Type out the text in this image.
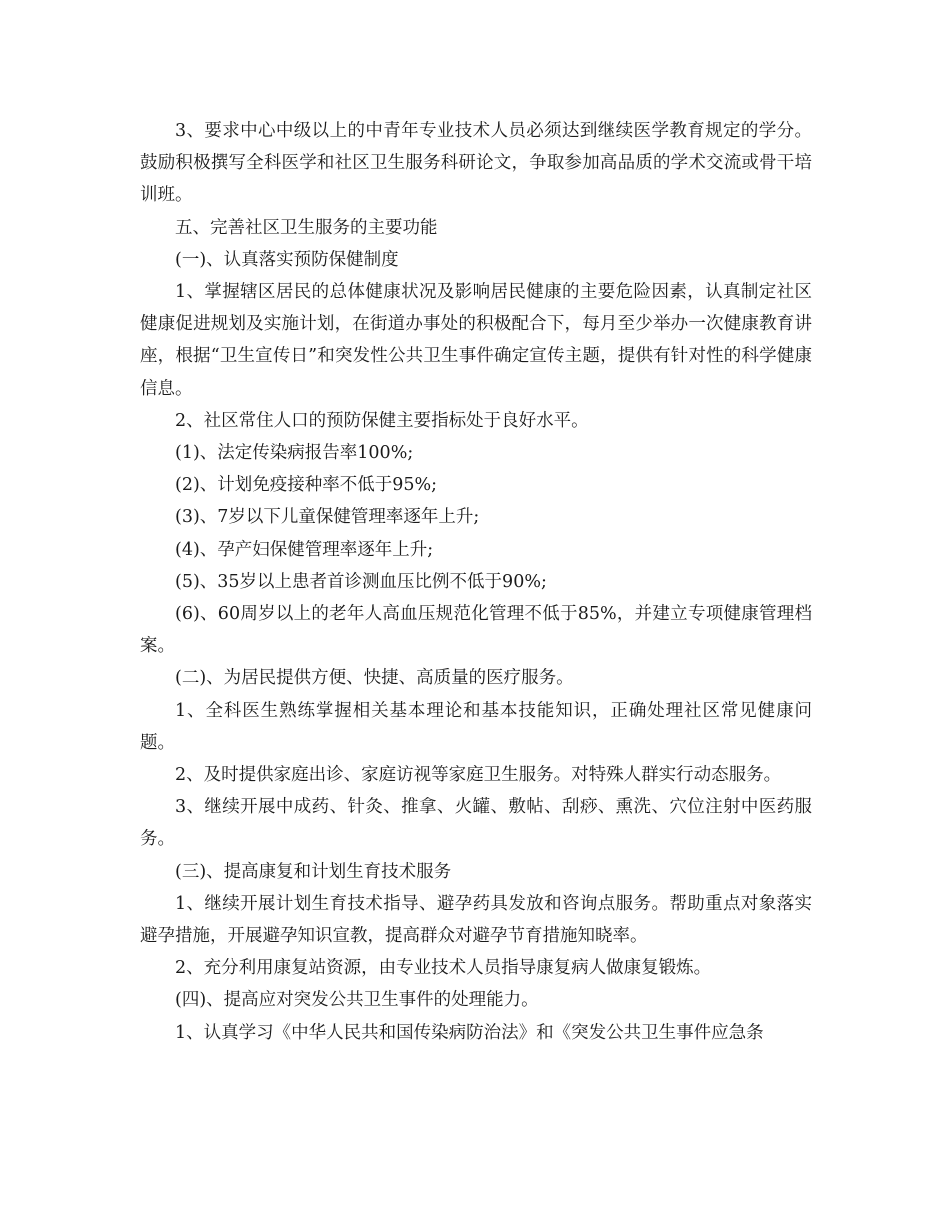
3、要求中心中级以上的中青年专业技术人员必须达到继续医学教育规定的学分。鼓励积极撰写全科医学和社区卫生服务科研论文，争取参加高品质的学术交流或骨干培训班。

五、完善社区卫生服务的主要功能

(一)、认真落实预防保健制度

1、掌握辖区居民的总体健康状况及影响居民健康的主要危险因素，认真制定社区健康促进规划及实施计划，在街道办事处的积极配合下，每月至少举办一次健康教育讲座，根据“卫生宣传日”和突发性公共卫生事件确定宣传主题，提供有针对性的科学健康信息。

2、社区常住人口的预防保健主要指标处于良好水平。

(1)、法定传染病报告率100%;

(2)、计划免疫接种率不低于95%;

(3)、7岁以下儿童保健管理率逐年上升;

(4)、孕产妇保健管理率逐年上升;

(5)、35岁以上患者首诊测血压比例不低于90%;

(6)、60周岁以上的老年人高血压规范化管理不低于85%，并建立专项健康管理档案。

(二)、为居民提供方便、快捷、高质量的医疗服务。

1、全科医生熟练掌握相关基本理论和基本技能知识，正确处理社区常见健康问题。

2、及时提供家庭出诊、家庭访视等家庭卫生服务。对特殊人群实行动态服务。

3、继续开展中成药、针灸、推拿、火罐、敷帖、刮痧、熏洗、穴位注射中医药服务。

(三)、提高康复和计划生育技术服务

1、继续开展计划生育技术指导、避孕药具发放和咨询点服务。帮助重点对象落实避孕措施，开展避孕知识宣教，提高群众对避孕节育措施知晓率。

2、充分利用康复站资源，由专业技术人员指导康复病人做康复锻炼。

(四)、提高应对突发公共卫生事件的处理能力。

1、认真学习《中华人民共和国传染病防治法》和《突发公共卫生事件应急条
